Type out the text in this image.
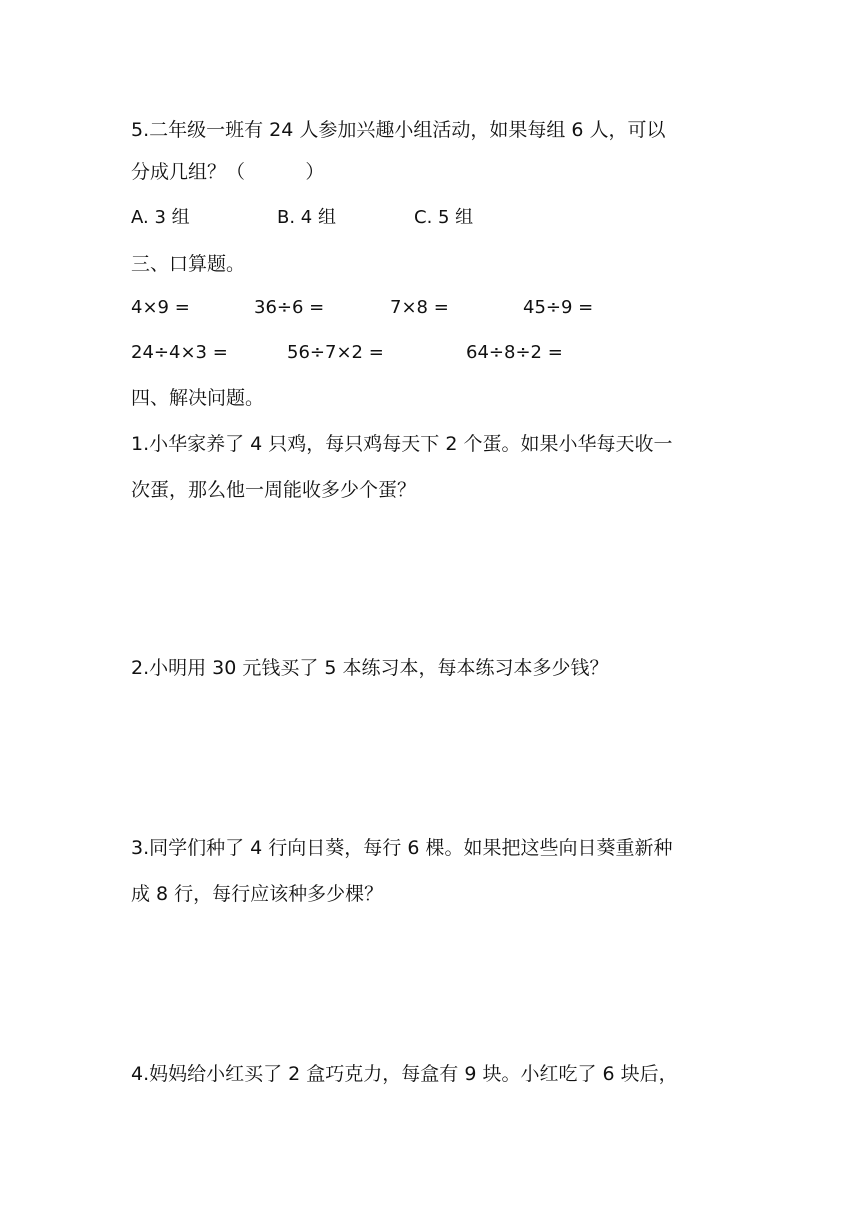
5.二年级一班有 24 人参加兴趣小组活动，如果每组 6 人，可以

分成几组？（          ）

A. 3 组	B. 4 组	C. 5 组

三、口算题。

4×9 =	36÷6 =	7×8 =	45÷9 =
24÷4×3 =	56÷7×2 =	64÷8÷2 =

四、解决问题。

1.小华家养了 4 只鸡，每只鸡每天下 2 个蛋。如果小华每天收一

次蛋，那么他一周能收多少个蛋？

2.小明用 30 元钱买了 5 本练习本，每本练习本多少钱？

3.同学们种了 4 行向日葵，每行 6 棵。如果把这些向日葵重新种

成 8 行，每行应该种多少棵？

4.妈妈给小红买了 2 盒巧克力，每盒有 9 块。小红吃了 6 块后，
